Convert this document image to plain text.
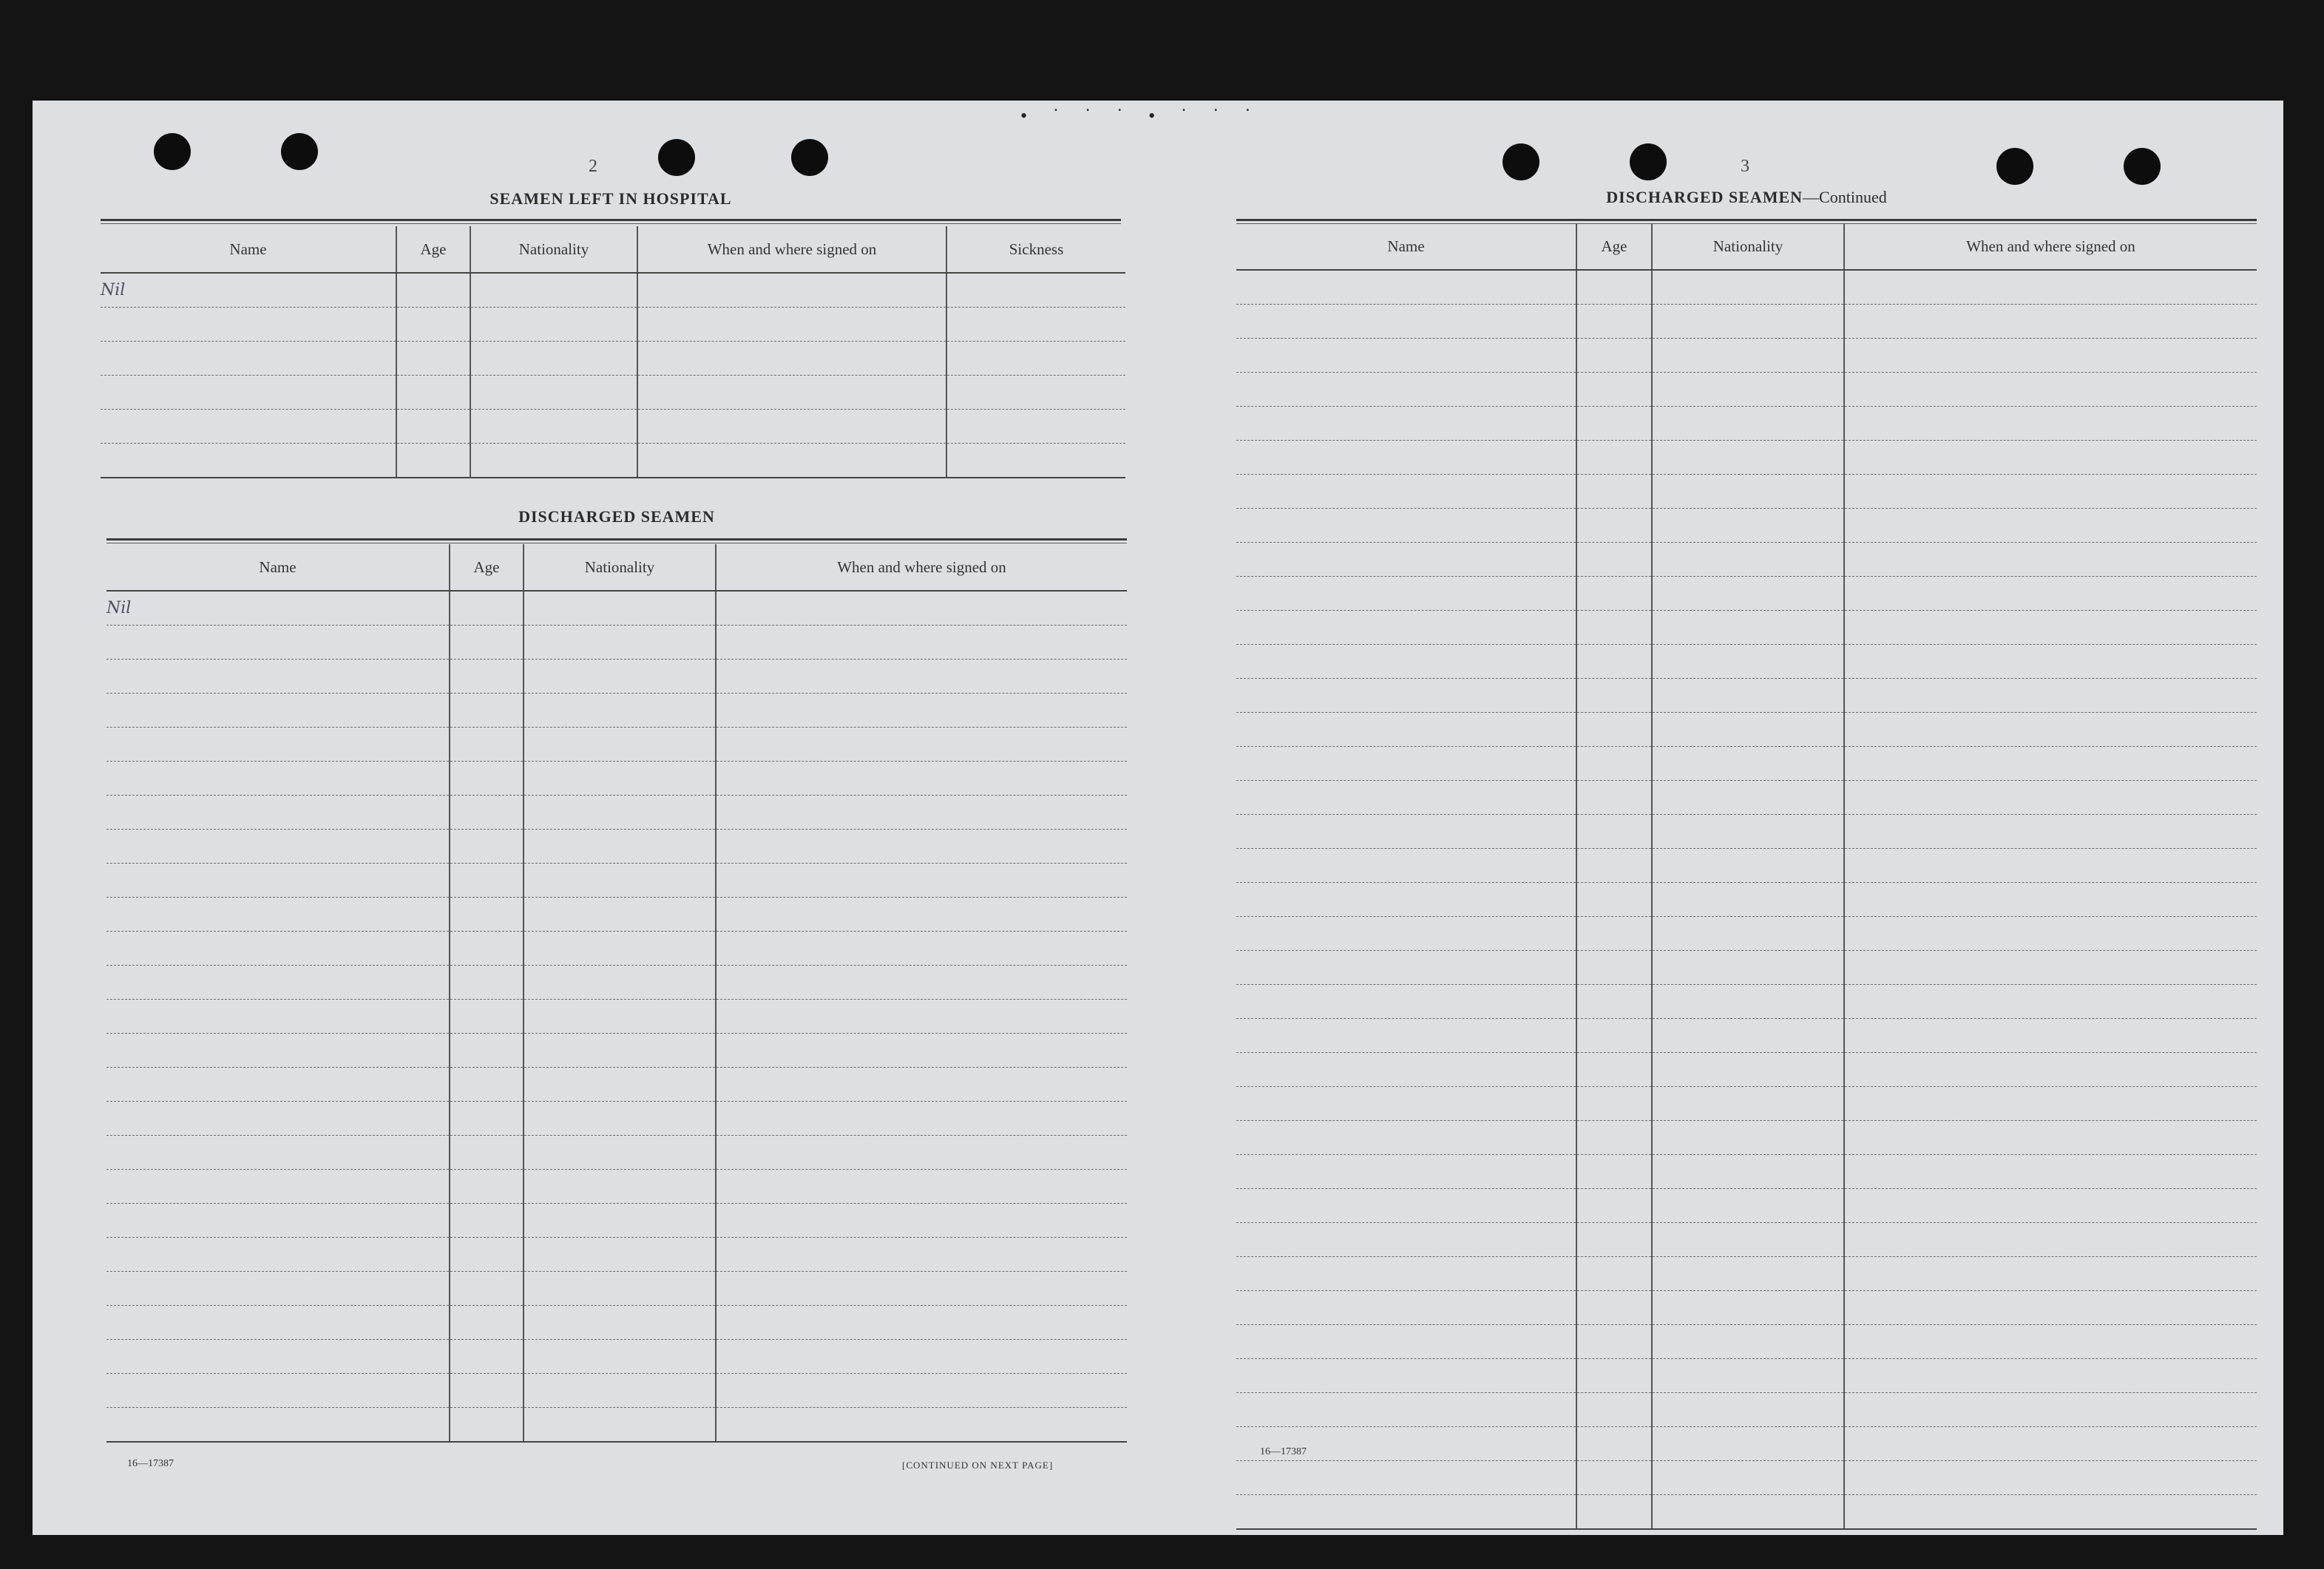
• ˙ ˙ ˙ • ˙ ˙ ˙
2
SEAMEN LEFT IN HOSPITAL
Name	Age	Nationality	When and where signed on	Sickness
Nil				

DISCHARGED SEAMEN
Name	Age	Nationality	When and where signed on
Nil			

16—17387	[CONTINUED ON NEXT PAGE]
3
DISCHARGED SEAMEN—Continued
Name	Age	Nationality	When and where signed on

16—17387
